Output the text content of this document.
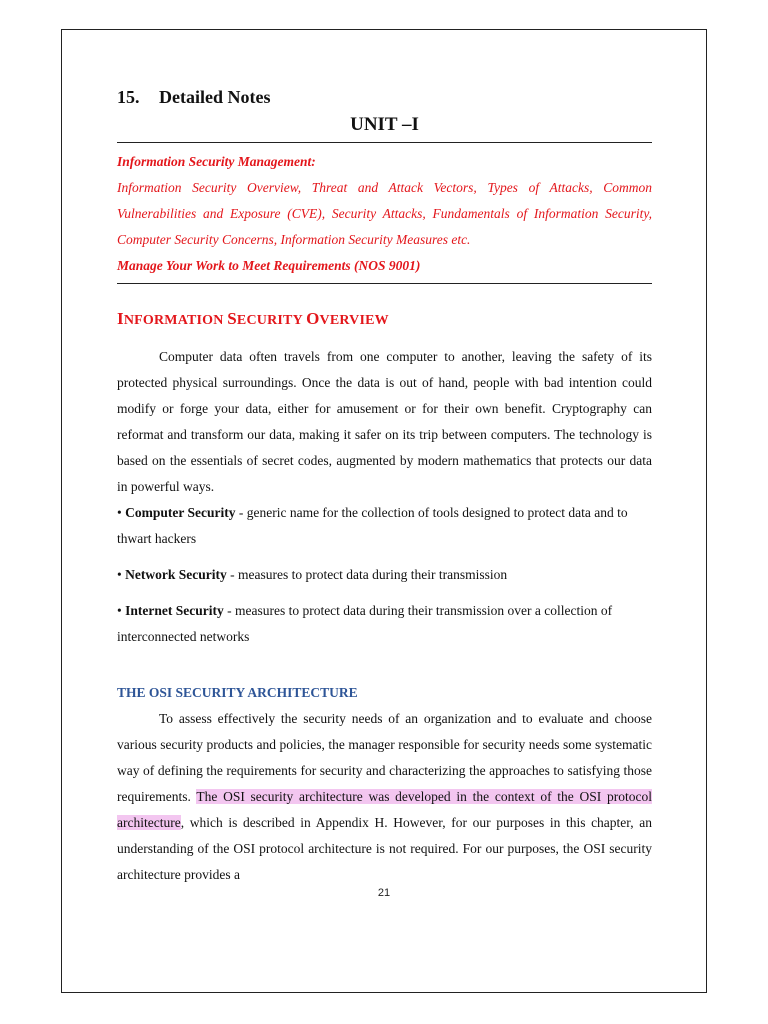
15. Detailed Notes
UNIT –I

Information Security Management:

Information Security Overview, Threat and Attack Vectors, Types of Attacks, Common Vulnerabilities and Exposure (CVE), Security Attacks, Fundamentals of Information Security, Computer Security Concerns, Information Security Measures etc.

Manage Your Work to Meet Requirements (NOS 9001)

INFORMATION SECURITY OVERVIEW

Computer data often travels from one computer to another, leaving the safety of its protected physical surroundings. Once the data is out of hand, people with bad intention could modify or forge your data, either for amusement or for their own benefit. Cryptography can reformat and transform our data, making it safer on its trip between computers. The technology is based on the essentials of secret codes, augmented by modern mathematics that protects our data in powerful ways.

• Computer Security - generic name for the collection of tools designed to protect data and to thwart hackers

• Network Security - measures to protect data during their transmission

• Internet Security - measures to protect data during their transmission over a collection of interconnected networks

THE OSI SECURITY ARCHITECTURE

To assess effectively the security needs of an organization and to evaluate and choose various security products and policies, the manager responsible for security needs some systematic way of defining the requirements for security and characterizing the approaches to satisfying those requirements. The OSI security architecture was developed in the context of the OSI protocol architecture, which is described in Appendix H. However, for our purposes in this chapter, an understanding of the OSI protocol architecture is not required. For our purposes, the OSI security architecture provides a

21
